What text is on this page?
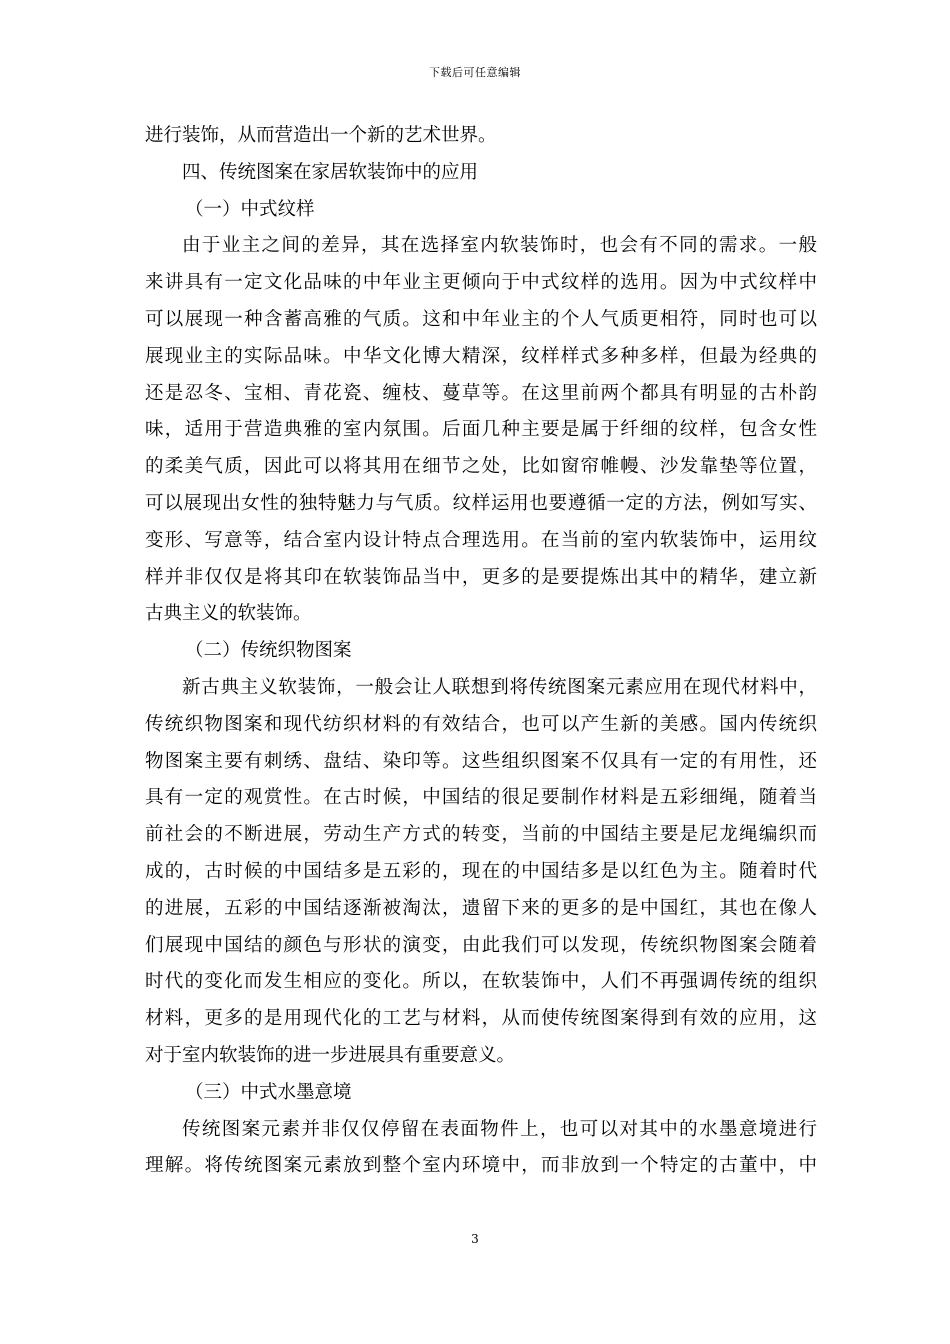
下载后可任意编辑
进行装饰，从而营造出一个新的艺术世界。
四、传统图案在家居软装饰中的应用
（一）中式纹样
由于业主之间的差异，其在选择室内软装饰时，也会有不同的需求。一般
来讲具有一定文化品味的中年业主更倾向于中式纹样的选用。因为中式纹样中
可以展现一种含蓄高雅的气质。这和中年业主的个人气质更相符，同时也可以
展现业主的实际品味。中华文化博大精深，纹样样式多种多样，但最为经典的
还是忍冬、宝相、青花瓷、缠枝、蔓草等。在这里前两个都具有明显的古朴韵
味，适用于营造典雅的室内氛围。后面几种主要是属于纤细的纹样，包含女性
的柔美气质，因此可以将其用在细节之处，比如窗帘帷幔、沙发靠垫等位置，
可以展现出女性的独特魅力与气质。纹样运用也要遵循一定的方法，例如写实、
变形、写意等，结合室内设计特点合理选用。在当前的室内软装饰中，运用纹
样并非仅仅是将其印在软装饰品当中，更多的是要提炼出其中的精华，建立新
古典主义的软装饰。
（二）传统织物图案
新古典主义软装饰，一般会让人联想到将传统图案元素应用在现代材料中，
传统织物图案和现代纺织材料的有效结合，也可以产生新的美感。国内传统织
物图案主要有刺绣、盘结、染印等。这些组织图案不仅具有一定的有用性，还
具有一定的观赏性。在古时候，中国结的很足要制作材料是五彩细绳，随着当
前社会的不断进展，劳动生产方式的转变，当前的中国结主要是尼龙绳编织而
成的，古时候的中国结多是五彩的，现在的中国结多是以红色为主。随着时代
的进展，五彩的中国结逐渐被淘汰，遗留下来的更多的是中国红，其也在像人
们展现中国结的颜色与形状的演变，由此我们可以发现，传统织物图案会随着
时代的变化而发生相应的变化。所以，在软装饰中，人们不再强调传统的组织
材料，更多的是用现代化的工艺与材料，从而使传统图案得到有效的应用，这
对于室内软装饰的进一步进展具有重要意义。
（三）中式水墨意境
传统图案元素并非仅仅停留在表面物件上，也可以对其中的水墨意境进行
理解。将传统图案元素放到整个室内环境中，而非放到一个特定的古董中，中
3
